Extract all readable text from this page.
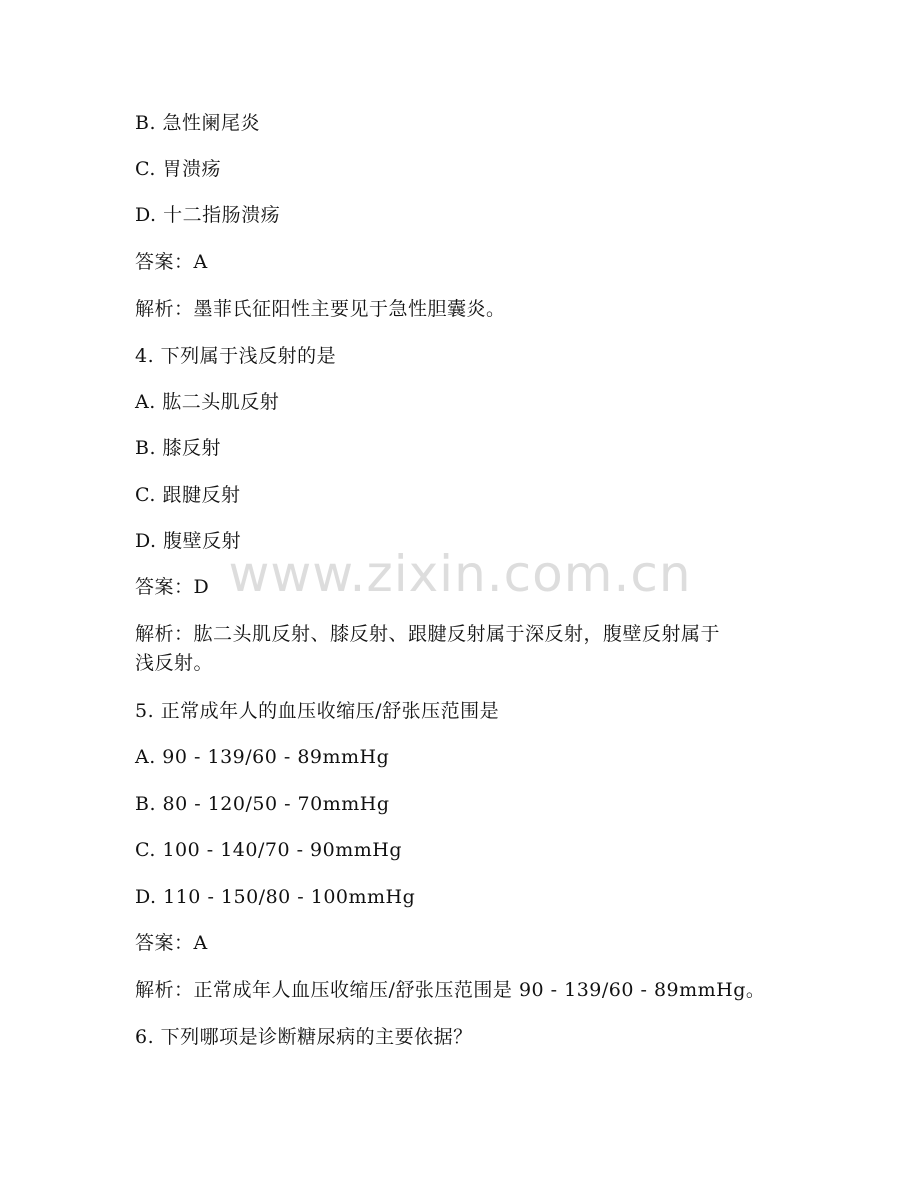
B. 急性阑尾炎
C. 胃溃疡
D. 十二指肠溃疡
答案：A
解析：墨菲氏征阳性主要见于急性胆囊炎。
4. 下列属于浅反射的是
A. 肱二头肌反射
B. 膝反射
C. 跟腱反射
D. 腹壁反射
答案：D
解析：肱二头肌反射、膝反射、跟腱反射属于深反射，腹壁反射属于
浅反射。
5. 正常成年人的血压收缩压/舒张压范围是
A. 90 - 139/60 - 89mmHg
B. 80 - 120/50 - 70mmHg
C. 100 - 140/70 - 90mmHg
D. 110 - 150/80 - 100mmHg
答案：A
解析：正常成年人血压收缩压/舒张压范围是 90 - 139/60 - 89mmHg。
6. 下列哪项是诊断糖尿病的主要依据？
www.zixin.com.cn
